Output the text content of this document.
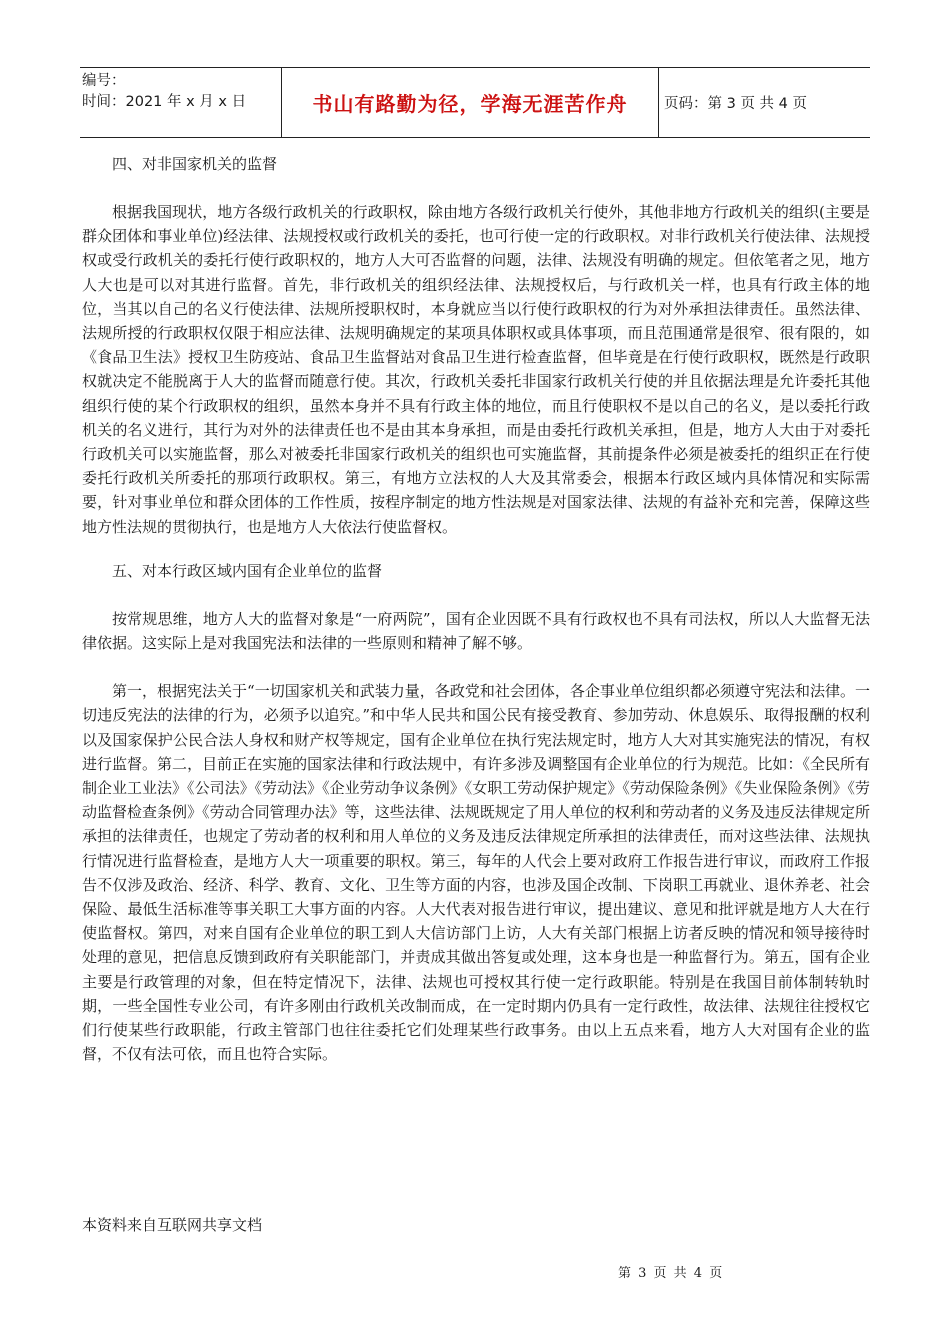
编号：
时间：2021 年 x 月 x 日	书山有路勤为径，学海无涯苦作舟	页码：第 3 页 共 4 页

四、对非国家机关的监督

根据我国现状，地方各级行政机关的行政职权，除由地方各级行政机关行使外，其他非地方行政机关的组织(主要是群众团体和事业单位)经法律、法规授权或行政机关的委托，也可行使一定的行政职权。对非行政机关行使法律、法规授权或受行政机关的委托行使行政职权的，地方人大可否监督的问题，法律、法规没有明确的规定。但依笔者之见，地方人大也是可以对其进行监督。首先，非行政机关的组织经法律、法规授权后，与行政机关一样，也具有行政主体的地位，当其以自己的名义行使法律、法规所授职权时，本身就应当以行使行政职权的行为对外承担法律责任。虽然法律、法规所授的行政职权仅限于相应法律、法规明确规定的某项具体职权或具体事项，而且范围通常是很窄、很有限的，如《食品卫生法》授权卫生防疫站、食品卫生监督站对食品卫生进行检查监督，但毕竟是在行使行政职权，既然是行政职权就决定不能脱离于人大的监督而随意行使。其次，行政机关委托非国家行政机关行使的并且依据法理是允许委托其他组织行使的某个行政职权的组织，虽然本身并不具有行政主体的地位，而且行使职权不是以自己的名义，是以委托行政机关的名义进行，其行为对外的法律责任也不是由其本身承担，而是由委托行政机关承担，但是，地方人大由于对委托行政机关可以实施监督，那么对被委托非国家行政机关的组织也可实施监督，其前提条件必须是被委托的组织正在行使委托行政机关所委托的那项行政职权。第三，有地方立法权的人大及其常委会，根据本行政区域内具体情况和实际需要，针对事业单位和群众团体的工作性质，按程序制定的地方性法规是对国家法律、法规的有益补充和完善，保障这些地方性法规的贯彻执行，也是地方人大依法行使监督权。

五、对本行政区域内国有企业单位的监督

按常规思维，地方人大的监督对象是“一府两院”，国有企业因既不具有行政权也不具有司法权，所以人大监督无法律依据。这实际上是对我国宪法和法律的一些原则和精神了解不够。

第一，根据宪法关于“一切国家机关和武装力量，各政党和社会团体，各企事业单位组织都必须遵守宪法和法律。一切违反宪法的法律的行为，必须予以追究。”和中华人民共和国公民有接受教育、参加劳动、休息娱乐、取得报酬的权利以及国家保护公民合法人身权和财产权等规定，国有企业单位在执行宪法规定时，地方人大对其实施宪法的情况，有权进行监督。第二，目前正在实施的国家法律和行政法规中，有许多涉及调整国有企业单位的行为规范。比如：《全民所有制企业工业法》《公司法》《劳动法》《企业劳动争议条例》《女职工劳动保护规定》《劳动保险条例》《失业保险条例》《劳动监督检查条例》《劳动合同管理办法》等，这些法律、法规既规定了用人单位的权利和劳动者的义务及违反法律规定所承担的法律责任，也规定了劳动者的权利和用人单位的义务及违反法律规定所承担的法律责任，而对这些法律、法规执行情况进行监督检查，是地方人大一项重要的职权。第三，每年的人代会上要对政府工作报告进行审议，而政府工作报告不仅涉及政治、经济、科学、教育、文化、卫生等方面的内容，也涉及国企改制、下岗职工再就业、退休养老、社会保险、最低生活标准等事关职工大事方面的内容。人大代表对报告进行审议，提出建议、意见和批评就是地方人大在行使监督权。第四，对来自国有企业单位的职工到人大信访部门上访，人大有关部门根据上访者反映的情况和领导接待时处理的意见，把信息反馈到政府有关职能部门，并责成其做出答复或处理，这本身也是一种监督行为。第五，国有企业主要是行政管理的对象，但在特定情况下，法律、法规也可授权其行使一定行政职能。特别是在我国目前体制转轨时期，一些全国性专业公司，有许多刚由行政机关改制而成，在一定时期内仍具有一定行政性，故法律、法规往往授权它们行使某些行政职能，行政主管部门也往往委托它们处理某些行政事务。由以上五点来看，地方人大对国有企业的监督，不仅有法可依，而且也符合实际。

本资料来自互联网共享文档

第 3 页 共 4 页
